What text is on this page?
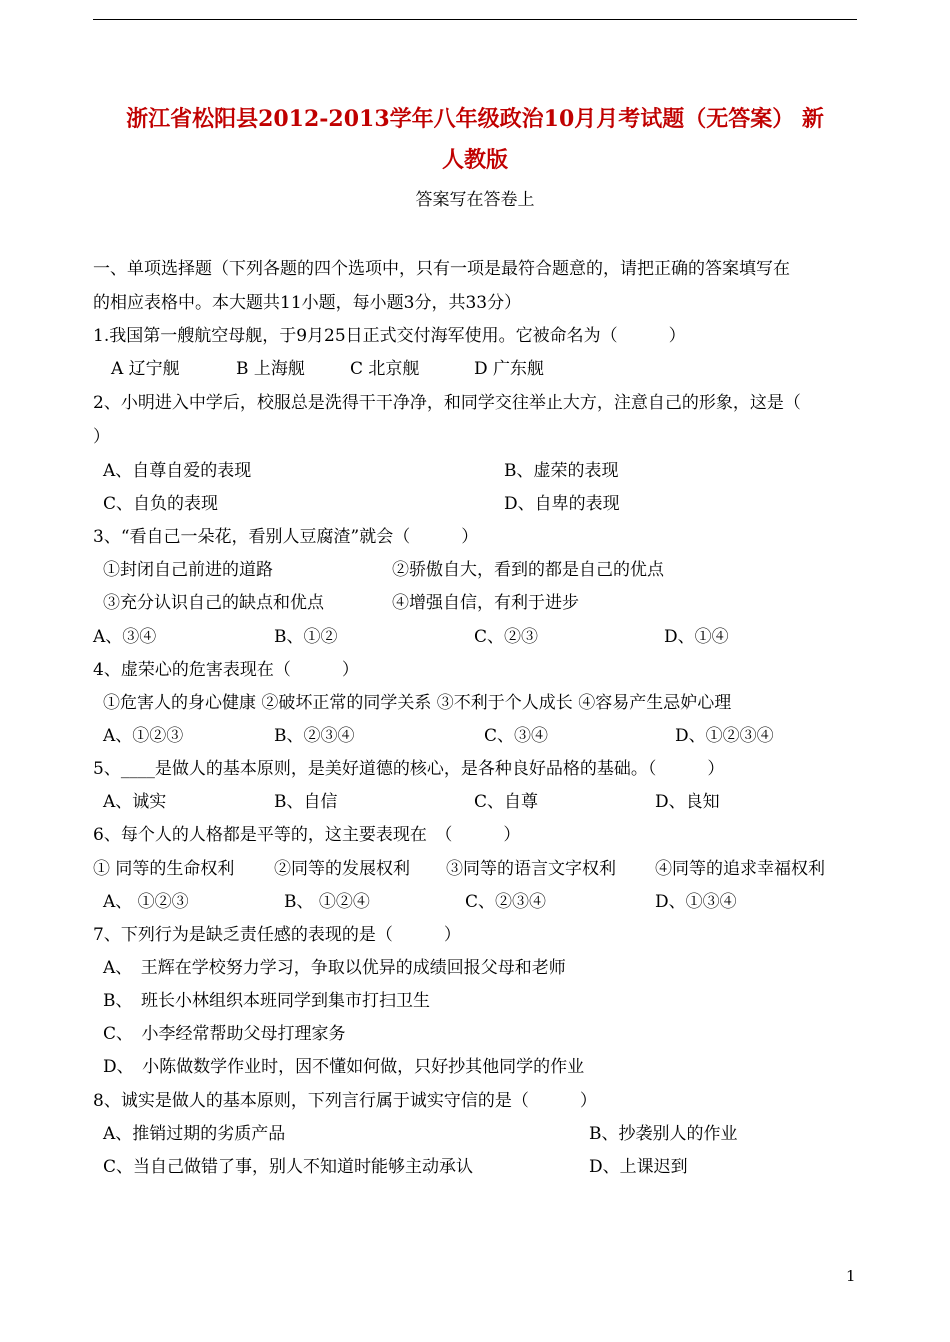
浙江省松阳县2012-2013学年八年级政治10月月考试题（无答案） 新
人教版
答案写在答卷上
一、单项选择题（下列各题的四个选项中，只有一项是最符合题意的，请把正确的答案填写在
的相应表格中。本大题共11小题，每小题3分，共33分）
1.我国第一艘航空母舰，于9月25日正式交付海军使用。它被命名为（　　　）
A 辽宁舰	B 上海舰	C 北京舰	D 广东舰
2、小明进入中学后，校服总是洗得干干净净，和同学交往举止大方，注意自己的形象，这是（
）
A、自尊自爱的表现	B、虚荣的表现
C、自负的表现	D、自卑的表现
3、“看自己一朵花，看别人豆腐渣”就会（　　　）
①封闭自己前进的道路	②骄傲自大，看到的都是自己的优点
③充分认识自己的缺点和优点	④增强自信，有利于进步
A、③④	B、①②	C、②③	D、①④
4、虚荣心的危害表现在（　　　）
①危害人的身心健康 ②破坏正常的同学关系 ③不利于个人成长 ④容易产生忌妒心理
A、①②③	B、②③④	C、③④	D、①②③④
5、____是做人的基本原则，是美好道德的核心，是各种良好品格的基础。（　　　）
A、诚实	B、自信	C、自尊	D、良知
6、每个人的人格都是平等的，这主要表现在　（　　　）
① 同等的生命权利 ②同等的发展权利 ③同等的语言文字权利 ④同等的追求幸福权利
A、 ①②③	B、 ①②④	C、②③④	D、①③④
7、下列行为是缺乏责任感的表现的是（　　　）
A、　王辉在学校努力学习，争取以优异的成绩回报父母和老师
B、　班长小林组织本班同学到集市打扫卫生
C、　小李经常帮助父母打理家务
D、　小陈做数学作业时，因不懂如何做，只好抄其他同学的作业
8、诚实是做人的基本原则，下列言行属于诚实守信的是（　　　）
A、推销过期的劣质产品	B、抄袭别人的作业
C、当自己做错了事，别人不知道时能够主动承认	D、上课迟到
1
